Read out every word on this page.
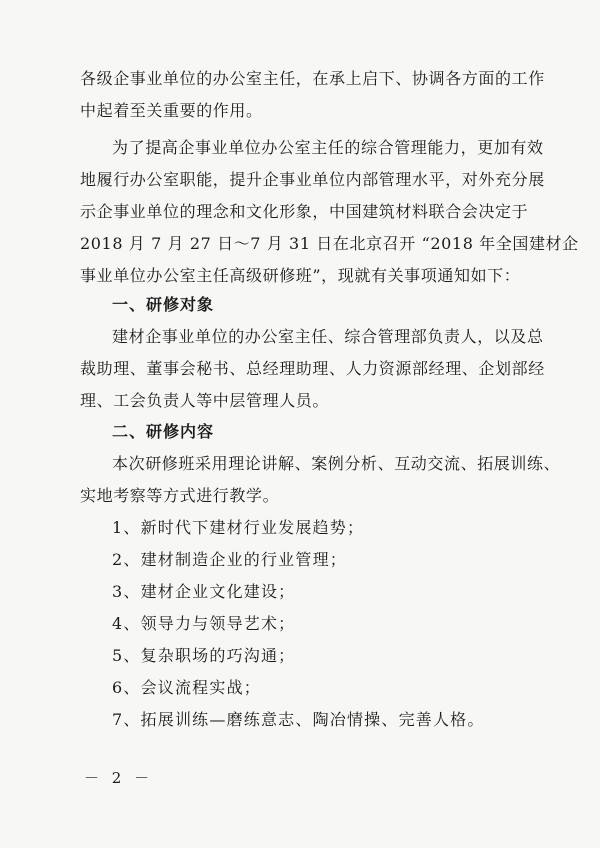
各级企事业单位的办公室主任，在承上启下、协调各方面的工作
中起着至关重要的作用。
为了提高企事业单位办公室主任的综合管理能力，更加有效
地履行办公室职能，提升企事业单位内部管理水平，对外充分展
示企事业单位的理念和文化形象，中国建筑材料联合会决定于
2018 月 7 月 27 日～7 月 31 日在北京召开 “2018 年全国建材企
事业单位办公室主任高级研修班”，现就有关事项通知如下：
一、研修对象
建材企事业单位的办公室主任、综合管理部负责人，以及总
裁助理、董事会秘书、总经理助理、人力资源部经理、企划部经
理、工会负责人等中层管理人员。
二、研修内容
本次研修班采用理论讲解、案例分析、互动交流、拓展训练、
实地考察等方式进行教学。
1、新时代下建材行业发展趋势；
2、建材制造企业的行业管理；
3、建材企业文化建设；
4、领导力与领导艺术；
5、复杂职场的巧沟通；
6、会议流程实战；
7、拓展训练—磨练意志、陶冶情操、完善人格。
－ 2 －
